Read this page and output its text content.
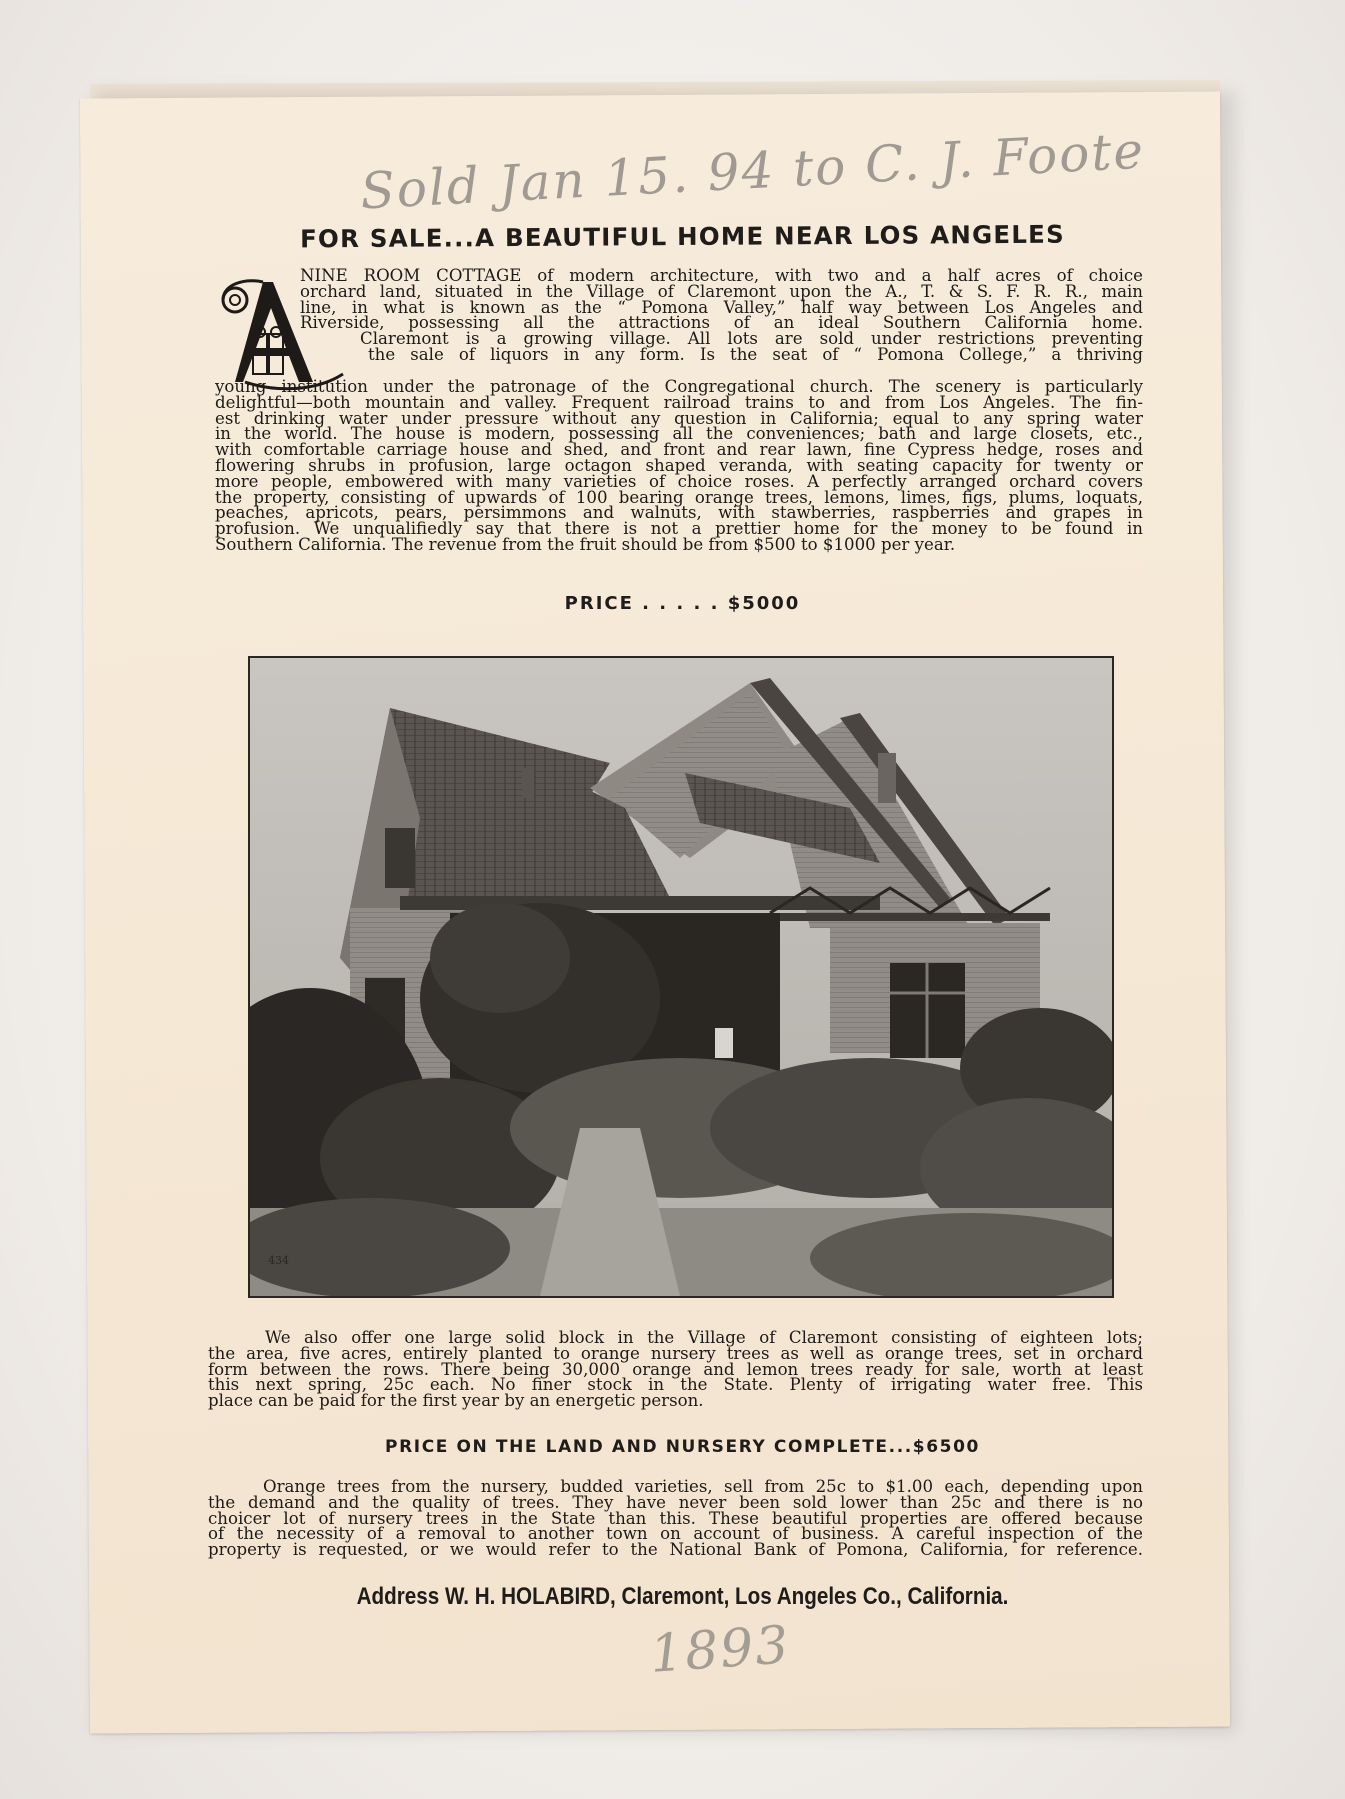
Sold Jan 15. 94 to C. J. Foote
FOR SALE...A BEAUTIFUL HOME NEAR LOS ANGELES
NINE ROOM COTTAGE of modern architecture, with two and a half acres of choice
orchard land, situated in the Village of Claremont upon the A., T. & S. F. R. R., main
line, in what is known as the “ Pomona Valley,” half way between Los Angeles and
Riverside, possessing all the attractions of an ideal Southern California home.
Claremont is a growing village. All lots are sold under restrictions preventing
the sale of liquors in any form. Is the seat of “ Pomona College,” a thriving
young institution under the patronage of the Congregational church. The scenery is particularly
delightful—both mountain and valley. Frequent railroad trains to and from Los Angeles. The fin-
est drinking water under pressure without any question in California; equal to any spring water
in the world. The house is modern, possessing all the conveniences; bath and large closets, etc.,
with comfortable carriage house and shed, and front and rear lawn, fine Cypress hedge, roses and
flowering shrubs in profusion, large octagon shaped veranda, with seating capacity for twenty or
more people, embowered with many varieties of choice roses. A perfectly arranged orchard covers
the property, consisting of upwards of 100 bearing orange trees, lemons, limes, figs, plums, loquats,
peaches, apricots, pears, persimmons and walnuts, with stawberries, raspberries and grapes in
profusion. We unqualifiedly say that there is not a prettier home for the money to be found in
Southern California. The revenue from the fruit should be from $500 to $1000 per year.
PRICE . . . . . $5000
434
We also offer one large solid block in the Village of Claremont consisting of eighteen lots;
the area, five acres, entirely planted to orange nursery trees as well as orange trees, set in orchard
form between the rows. There being 30,000 orange and lemon trees ready for sale, worth at least
this next spring, 25c each. No finer stock in the State. Plenty of irrigating water free. This
place can be paid for the first year by an energetic person.
PRICE ON THE LAND AND NURSERY COMPLETE...$6500
Orange trees from the nursery, budded varieties, sell from 25c to $1.00 each, depending upon
the demand and the quality of trees. They have never been sold lower than 25c and there is no
choicer lot of nursery trees in the State than this. These beautiful properties are offered because
of the necessity of a removal to another town on account of business. A careful inspection of the
property is requested, or we would refer to the National Bank of Pomona, California, for reference.
Address W. H. HOLABIRD, Claremont, Los Angeles Co., California.
1893
